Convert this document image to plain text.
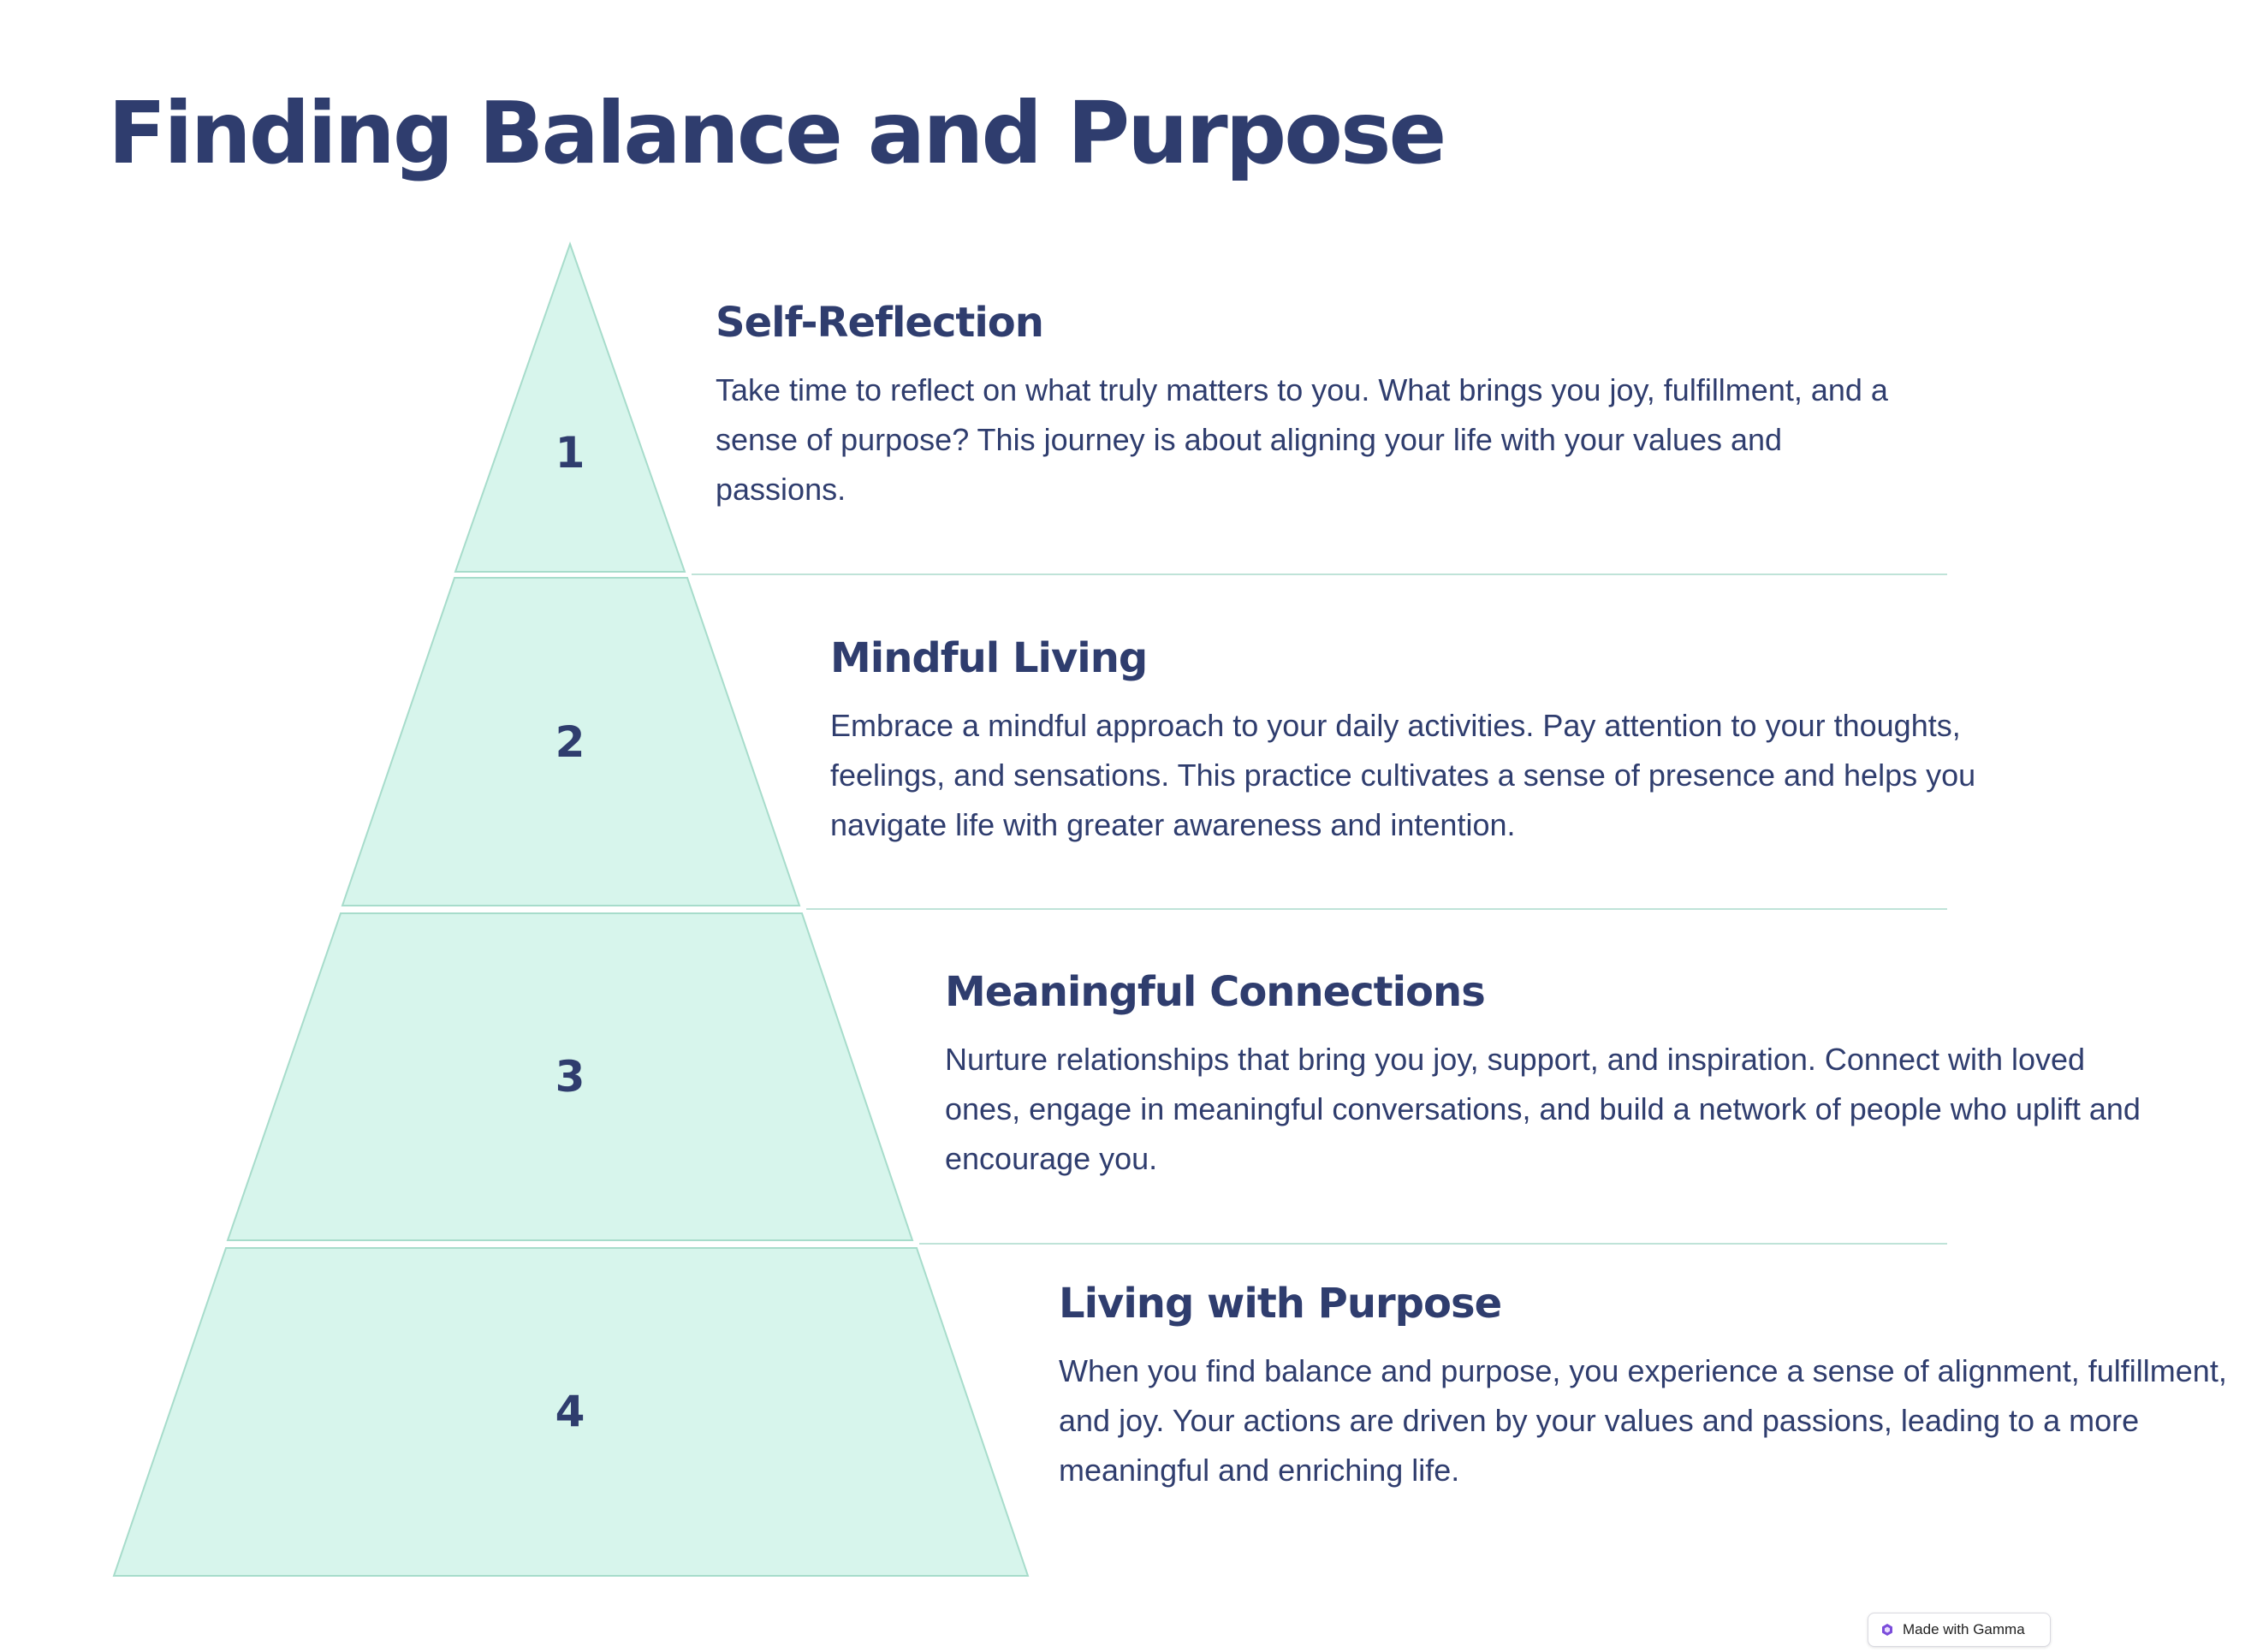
Finding Balance and Purpose
1
2
3
4
Self-Reflection

Take time to reflect on what truly matters to you. What brings you joy, fulfillment, and a sense of purpose? This journey is about aligning your life with your values and passions.

Mindful Living

Embrace a mindful approach to your daily activities. Pay attention to your thoughts, feelings, and sensations. This practice cultivates a sense of presence and helps you navigate life with greater awareness and intention.

Meaningful Connections

Nurture relationships that bring you joy, support, and inspiration. Connect with loved ones, engage in meaningful conversations, and build a network of people who uplift and encourage you.

Living with Purpose

When you find balance and purpose, you experience a sense of alignment, fulfillment, and joy. Your actions are driven by your values and passions, leading to a more meaningful and enriching life.

Made with Gamma
